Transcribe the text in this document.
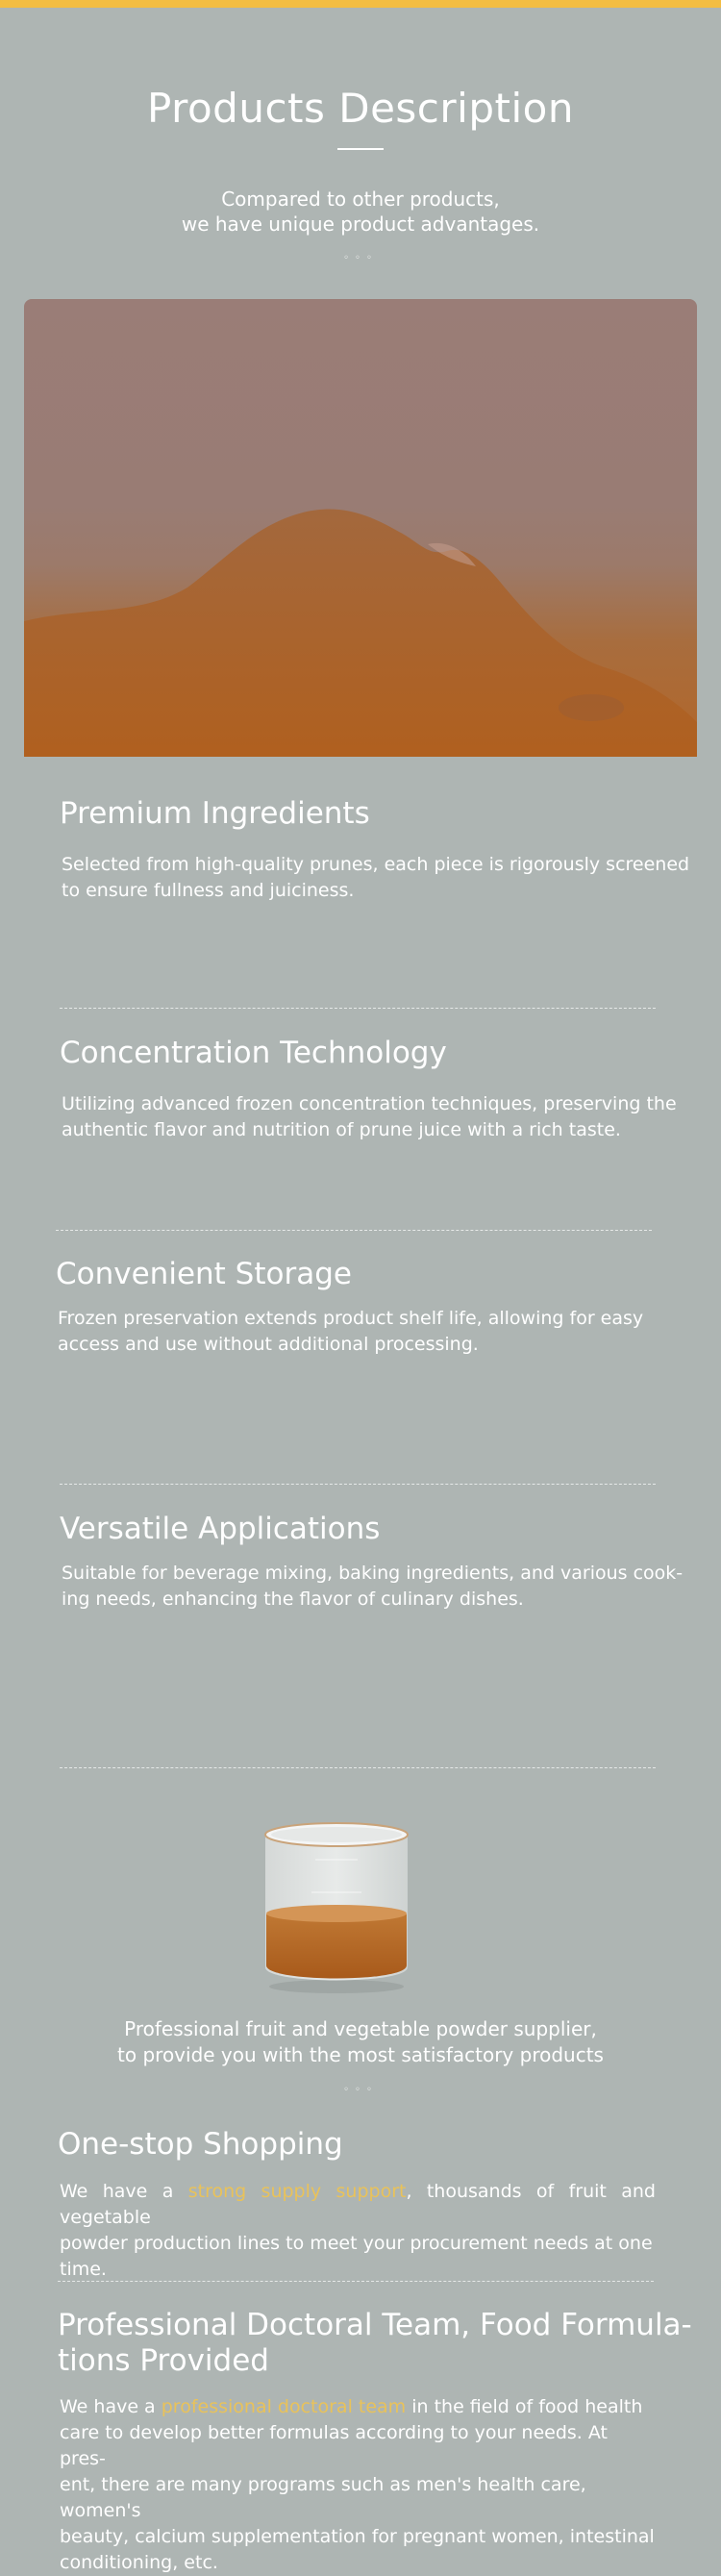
Products Description
Compared to other products,
we have unique product advantages.
◦◦◦
Premium Ingredients
Selected from high-quality prunes, each piece is rigorously screened
to ensure fullness and juiciness.
Concentration Technology
Utilizing advanced frozen concentration techniques, preserving the
authentic flavor and nutrition of prune juice with a rich taste.
Convenient Storage
Frozen preservation extends product shelf life, allowing for easy
access and use without additional processing.
Versatile Applications
Suitable for beverage mixing, baking ingredients, and various cook-
ing needs, enhancing the flavor of culinary dishes.
Professional fruit and vegetable powder supplier,
to provide you with the most satisfactory products
◦◦◦
One-stop Shopping
We have a strong supply support, thousands of fruit and vegetable
powder production lines to meet your procurement needs at one
time.
Professional Doctoral Team, Food Formula-
tions Provided
We have a professional doctoral team in the field of food health
care to develop better formulas according to your needs. At pres-
ent, there are many programs such as men's health care, women's
beauty, calcium supplementation for pregnant women, intestinal
conditioning, etc.
